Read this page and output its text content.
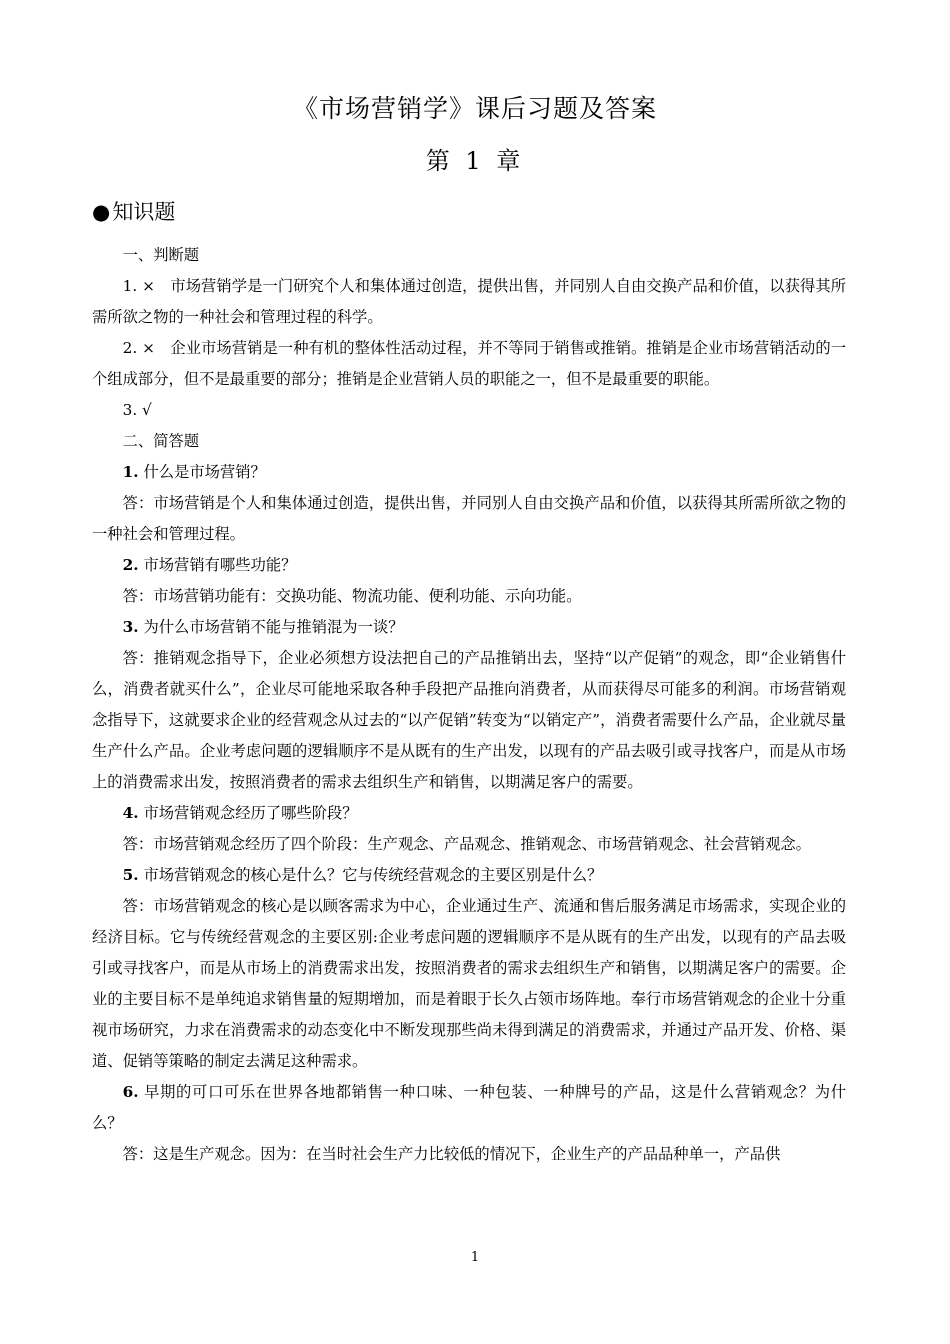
《市场营销学》课后习题及答案
第 1 章
●知识题

一、判断题

1. ×　市场营销学是一门研究个人和集体通过创造，提供出售，并同别人自由交换产品和价值，以获得其所需所欲之物的一种社会和管理过程的科学。

2. ×　企业市场营销是一种有机的整体性活动过程，并不等同于销售或推销。推销是企业市场营销活动的一个组成部分，但不是最重要的部分；推销是企业营销人员的职能之一，但不是最重要的职能。

3. √

二、简答题

1. 什么是市场营销？

答：市场营销是个人和集体通过创造，提供出售，并同别人自由交换产品和价值，以获得其所需所欲之物的一种社会和管理过程。

2. 市场营销有哪些功能？

答：市场营销功能有：交换功能、物流功能、便利功能、示向功能。

3. 为什么市场营销不能与推销混为一谈？

答：推销观念指导下，企业必须想方设法把自己的产品推销出去，坚持“以产促销”的观念，即“企业销售什么，消费者就买什么”，企业尽可能地采取各种手段把产品推向消费者，从而获得尽可能多的利润。市场营销观念指导下，这就要求企业的经营观念从过去的“以产促销”转变为“以销定产”，消费者需要什么产品，企业就尽量生产什么产品。企业考虑问题的逻辑顺序不是从既有的生产出发，以现有的产品去吸引或寻找客户，而是从市场上的消费需求出发，按照消费者的需求去组织生产和销售，以期满足客户的需要。

4. 市场营销观念经历了哪些阶段？

答：市场营销观念经历了四个阶段：生产观念、产品观念、推销观念、市场营销观念、社会营销观念。

5. 市场营销观念的核心是什么？它与传统经营观念的主要区别是什么？

答：市场营销观念的核心是以顾客需求为中心，企业通过生产、流通和售后服务满足市场需求，实现企业的经济目标。它与传统经营观念的主要区别:企业考虑问题的逻辑顺序不是从既有的生产出发，以现有的产品去吸引或寻找客户，而是从市场上的消费需求出发，按照消费者的需求去组织生产和销售，以期满足客户的需要。企业的主要目标不是单纯追求销售量的短期增加，而是着眼于长久占领市场阵地。奉行市场营销观念的企业十分重视市场研究，力求在消费需求的动态变化中不断发现那些尚未得到满足的消费需求，并通过产品开发、价格、渠道、促销等策略的制定去满足这种需求。

6. 早期的可口可乐在世界各地都销售一种口味、一种包装、一种牌号的产品，这是什么营销观念？为什么？

答：这是生产观念。因为：在当时社会生产力比较低的情况下，企业生产的产品品种单一，产品供

1
